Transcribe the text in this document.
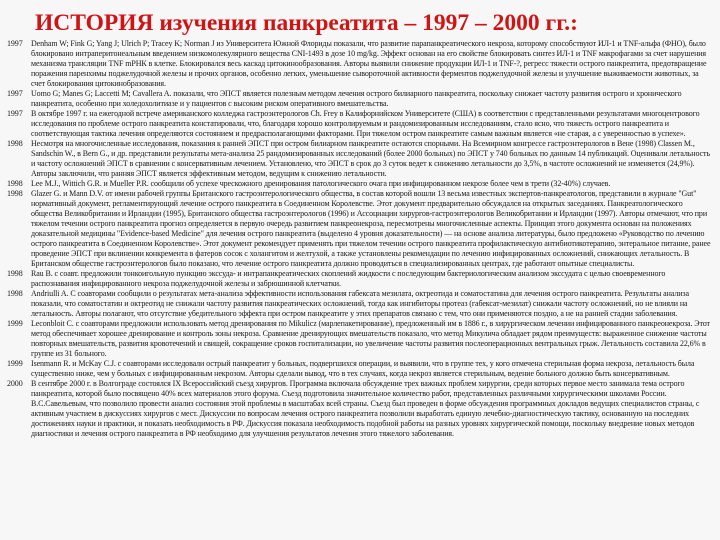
ИСТОРИЯ изучения панкреатита – 1997 – 2000 гг.:
1997	Denham W; Fink G; Yang J; Ulrich P; Tracey K; Norman J из Университета Южной Флориды показали, что развитие парапанкреатического некроза, которому способствуют ИЛ-1 и TNF-альфа (ФНО), было блокировано интраперитонеальным введением низкомолекулярного вещества CNI-1493 в дозе 10 mg/kg. Эффект основан на его свойстве блокировать синтез ИЛ-1 и TNF макрофагами за счет нарушения механизма трансляции TNF mРНК в клетке. Блокировался весь каскад цитокинообразования. Авторы выявили снижение продукции ИЛ-1 и TNF-?, регресс тяжести острого панкреатита, предотвращение поражения паренхимы поджелудочной железы и прочих органов, особенно легких, уменьшение сывороточной активности ферментов поджелудочной железы и улучшение выживаемости животных, за счет блокирования цитокинобразования.
1997	Uomo G; Manes G; Laccetti M; Cavallera A. показали, что ЭПСТ является полезным методом лечения острого билиарного панкреатита, поскольку снижает частоту развития острого и хронического панкреатита, особенно при холедохолитиазе и у пациентов с высоким риском оперативного вмешательства.
1997	В октябре 1997 г. на ежегодной встрече американского колледжа гастроэнтерологов Ch. Frey в Калифорнийском Университете (США) в соответствии с представленными результатами многоцентрового исследования по проблеме острого панкреатита констатировали, что, благодаря хорошо контролируемым и рандомизированным исследованиям, стало ясно, что тяжесть острого панкреатита и соответствующая тактика лечения определяются состоянием и предрасполагающими факторами. При тяжелом остром панкреатите самым важным является «не старая, а с уверенностью в успехе».
1998	Несмотря на многочисленные исследования, показания к ранней ЭПСТ при остром билиарном панкреатите остаются спорными. На Всемирном конгрессе гастроэнтерологов в Вене (1998) Classen M., Sandschin W., в Bern G., и др. представили результаты мета-анализа 25 рандомизированных исследований (более 2000 больных) по ЭПСТ у 740 больных по данным 14 публикаций. Оценивали летальность и частоту осложнений ЭПСТ в сравнении с консервативным лечением. Установлено, что ЭПСТ в срок до 3 суток ведет к снижению летальности до 3,5%, в частоте осложнений не изменяется (24,9%). Авторы заключили, что ранняя ЭПСТ является эффективным методом, ведущим к снижению летальности.
1998	Lee M.J., Wittich G.R. и Mueller P.R. сообщили об успехе чрескожного дренирования патологического очага при инфицированном некрозе более чем в трети (32-40%) случаев.
1998	Glazer G. и Mann D.V. от имени рабочей группы Британского гастроэнтерологического общества, в состав которой вошли 13 весьма известных экспертов-панкреатологов, представили в журнале "Gut" нормативный документ, регламентирующий лечение острого панкреатита в Соединенном Королевстве. Этот документ предварительно обсуждался на открытых заседаниях. Панкреатологического общества Великобритании и Ирландии (1995), Британского общества гастроэнтерологов (1996) и Ассоциации хирургов-гастроэнтерологов Великобритании и Ирландии (1997). Авторы отмечают, что при тяжелом течении острого панкреатита прогноз определяется в первую очередь развитием панкреонекроза, пересмотрены многочисленные аспекты. Принцип этого документа основан на положениях доказательной медицины "Evidence-based Medicine" для лечения острого панкреатита (выделено 4 уровня доказательности) — на основе анализа литературы, было предложено «Руководство по лечению острого панкреатита в Соединенном Королевстве». Этот документ рекомендует применять при тяжелом течении острого панкреатита профилактическую антибиотикотерапию, энтеральное питание, ранее проведение ЭПСТ при вклинении конкремента в фатеров сосок с холангитом и желтухой, а также установлены рекомендации по лечению инфицированных осложнений, снижающих летальность. В Британском обществе гастроэнтерологов было показано, что лечение острого панкреатита должно проводиться в специализированных центрах, где работают опытные специалисты.
1998	Rau B. с соавт. предложили тонкоигольную пункцию экссуда- и интрапанкреатических скоплений жидкости с последующим бактериологическим анализом экссудата с целью своевременного распознавания инфицированного некроза поджелудочной железы и забрюшинной клетчатки.
1998	Andriulli A. С соавторами сообщили о результатах мета-анализа эффективности использования габексата мезилата, октреотида и соматостатина для лечения острого панкреатита. Результаты анализа показали, что соматостатин и октреотид не снижали частоту развития панкреатических осложнений, тогда как ингибиторы протеаз (габексат-мезилат) снижали частоту осложнений, но не влияли на летальность. Авторы полагают, что отсутствие убедительного эффекта при остром панкреатите у этих препаратов связано с тем, что они применяются поздно, а не на ранней стадии заболевания.
1999	Leconbloit C. с соавторами предложили использовать метод дренирования по Mikulicz (марлепакетирование), предложенный им в 1886 г., в хирургическом лечении инфицированного панкреонекроза. Этот метод обеспечивает хорошее дренирование и контроль зоны некроза. Сравнение дренирующих вмешательств показало, что метод Микулича обладает рядом преимуществ: выраженное снижение частоты повторных вмешательств, развития кровотечений и свищей, сокращение сроков госпитализации, но увеличение частоты развития послеоперационных вентральных грыж. Летальность составила 22,6% в группе из 31 больного.
1999	Isenmann R. и McKay C.J. с соавторами исследовали острый панкреатит у больных, подвергшихся операции, и выявили, что в группе тех, у кого отмечена стерильная форма некроза, летальность была существенно ниже, чем у больных с инфицированным некрозом. Авторы сделали вывод, что в тех случаях, когда некроз является стерильным, ведение больного должно быть консервативным.
2000	В сентябре 2000 г. в Волгограде состоялся IX Всероссийский съезд хирургов. Программа включала обсуждение трех важных проблем хирургии, среди которых первое место занимала тема острого панкреатита, которой было посвящено 40% всех материалов этого форума. Съезд подготовила значительное количество работ, представленных различными хирургическими школами России. В.С.Савельевым, что позволило провести анализ состояния этой проблемы в масштабах всей страны. Съезд был проведен в форме обсуждения программных докладов ведущих специалистов страны, с активным участием в дискуссиях хирургов с мест. Дискуссии по вопросам лечения острого панкреатита позволили выработать единую лечебно-диагностическую тактику, основанную на последних достижениях науки и практики, и показать необходимость в РФ. Дискуссия показала необходимость подобной работы на разных уровнях хирургической помощи, поскольку внедрение новых методов диагностики и лечения острого панкреатита в РФ необходимо для улучшения результатов лечения этого тяжелого заболевания.
